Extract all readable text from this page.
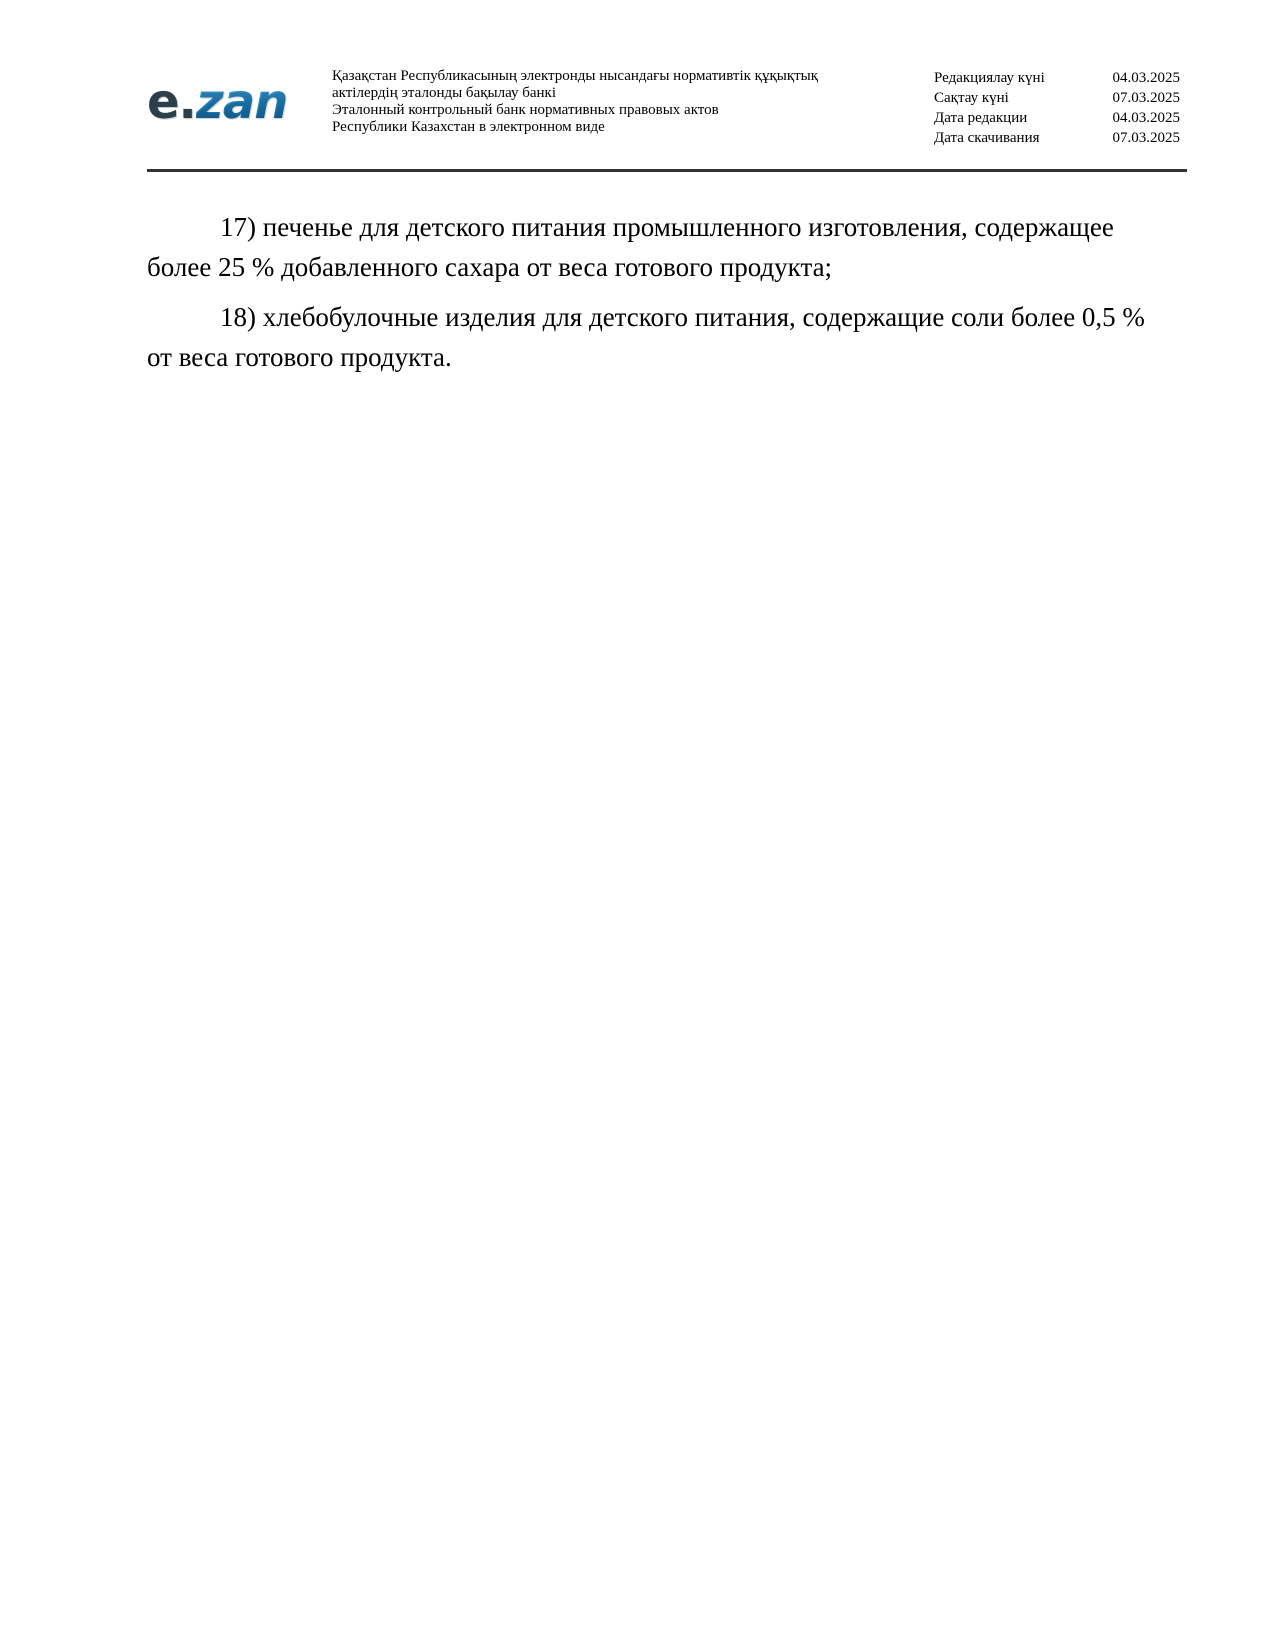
e. zan	Қазақстан Республикасының электронды нысандағы нормативтік құқықтық
актілердің эталонды бақылау банкі
Эталонный контрольный банк нормативных правовых актов
Республики Казахстан в электронном виде
Редакциялау күні	04.03.2025
Сақтау күні	07.03.2025
Дата редакции	04.03.2025
Дата скачивания	07.03.2025

17) печенье для детского питания промышленного изготовления, содержащее более 25 % добавленного сахара от веса готового продукта;

18) хлебобулочные изделия для детского питания, содержащие соли более 0,5 % от веса готового продукта.
